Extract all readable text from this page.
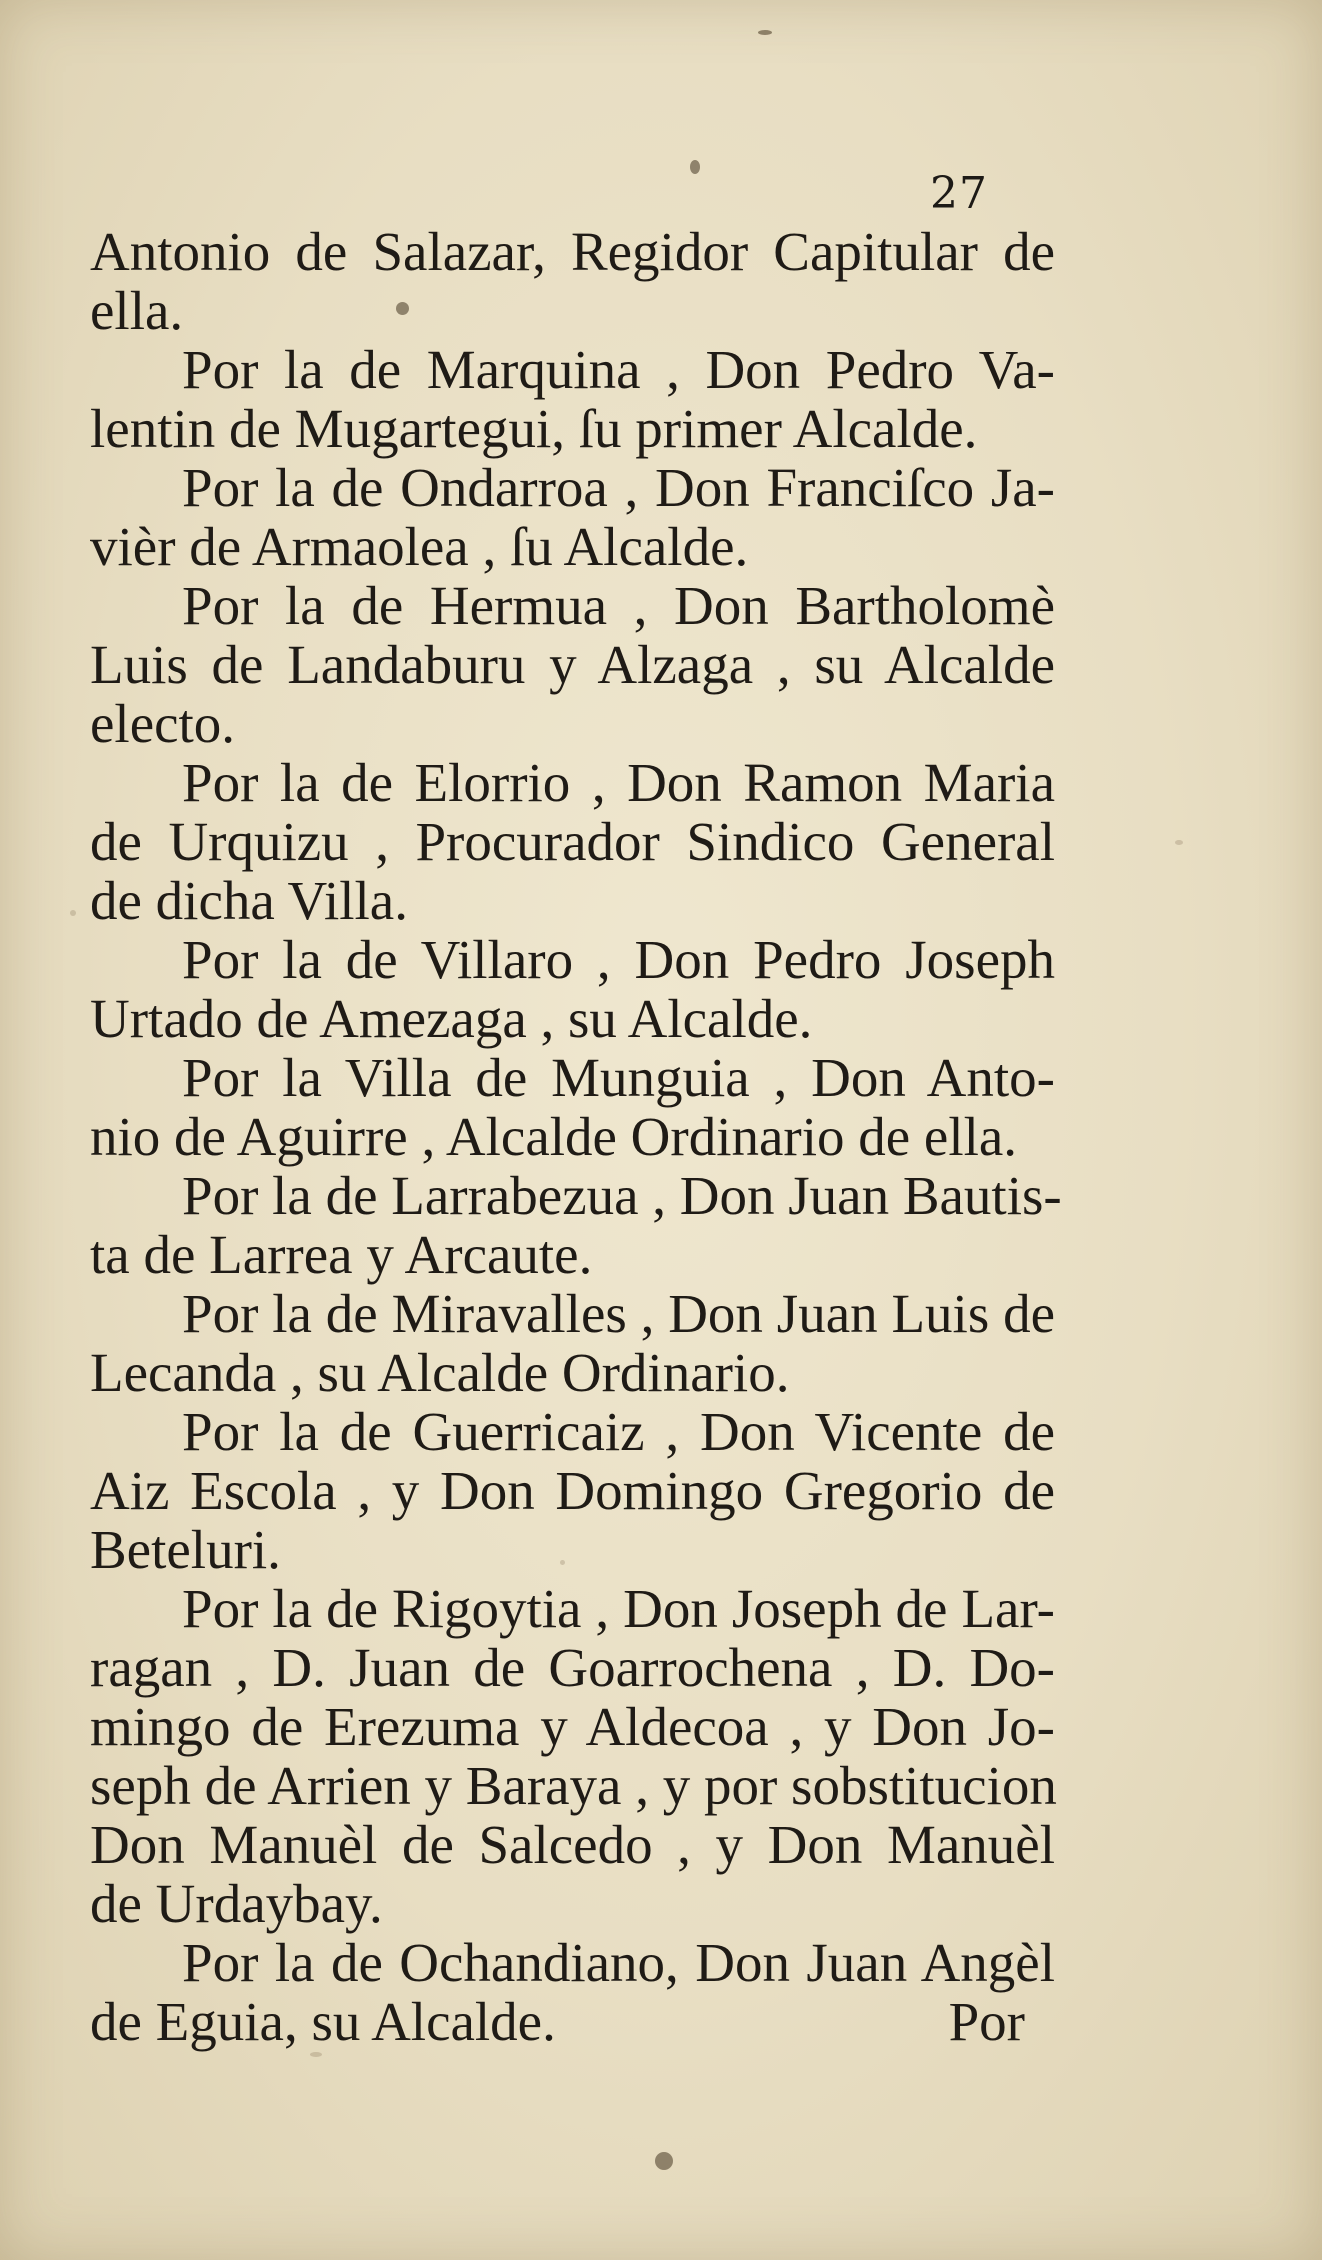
27
Antonio de Salazar, Regidor Capitular de
ella.
Por la de Marquina , Don Pedro Va-
lentin de Mugartegui, ſu primer Alcalde.
Por la de Ondarroa , Don Franciſco Ja-
vièr de Armaolea , ſu Alcalde.
Por la de Hermua , Don Bartholomè
Luis de Landaburu y Alzaga , su Alcalde
electo.
Por la de Elorrio , Don Ramon Maria
de Urquizu , Procurador Sindico General
de dicha Villa.
Por la de Villaro , Don Pedro Joseph
Urtado de Amezaga , su Alcalde.
Por la Villa de Munguia , Don Anto-
nio de Aguirre , Alcalde Ordinario de ella.
Por la de Larrabezua , Don Juan Bautis-
ta de Larrea y Arcaute.
Por la de Miravalles , Don Juan Luis de
Lecanda , su Alcalde Ordinario.
Por la de Guerricaiz , Don Vicente de
Aiz Escola , y Don Domingo Gregorio de
Beteluri.
Por la de Rigoytia , Don Joseph de Lar-
ragan , D. Juan de Goarrochena , D. Do-
mingo de Erezuma y Aldecoa , y Don Jo-
seph de Arrien y Baraya , y por sobstitucion
Don Manuèl de Salcedo , y Don Manuèl
de Urdaybay.
Por la de Ochandiano, Don Juan Angèl
de Eguia, su Alcalde.	Por
